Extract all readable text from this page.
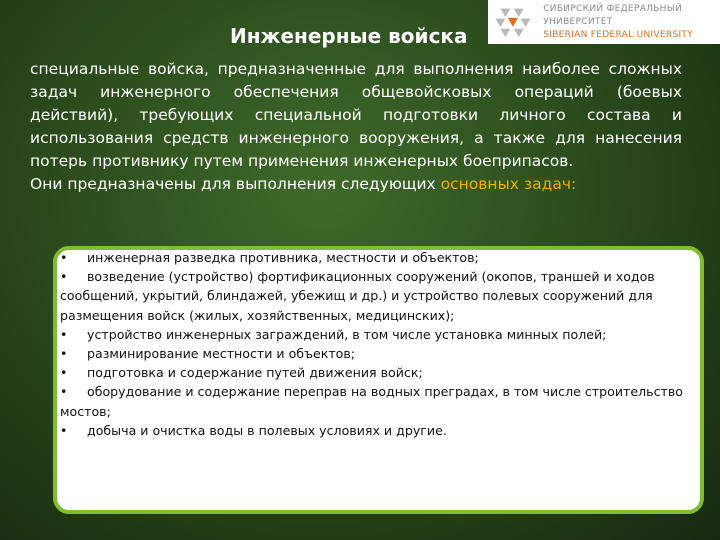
Инженерные войска
СИБИРСКИЙ ФЕДЕРАЛЬНЫЙ УНИВЕРСИТЕТ
SIBERIAN FEDERAL UNIVERSITY
специальные войска, предназначенные для выполнения наиболее сложных задач инженерного обеспечения общевойсковых операций (боевых действий), требующих специальной подготовки личного состава и использования средств инженерного вооружения, а также для нанесения потерь противнику путем применения инженерных боеприпасов.
Они предназначены для выполнения следующих основных задач:

• инженерная разведка противника, местности и объектов;

• возведение (устройство) фортификационных сооружений (окопов, траншей и ходов сообщений, укрытий, блиндажей, убежищ и др.) и устройство полевых сооружений для размещения войск (жилых, хозяйственных, медицинских);

• устройство инженерных заграждений, в том числе установка минных полей;

• разминирование местности и объектов;

• подготовка и содержание путей движения войск;

• оборудование и содержание переправ на водных преградах, в том числе строительство мостов;

• добыча и очистка воды в полевых условиях и другие.
